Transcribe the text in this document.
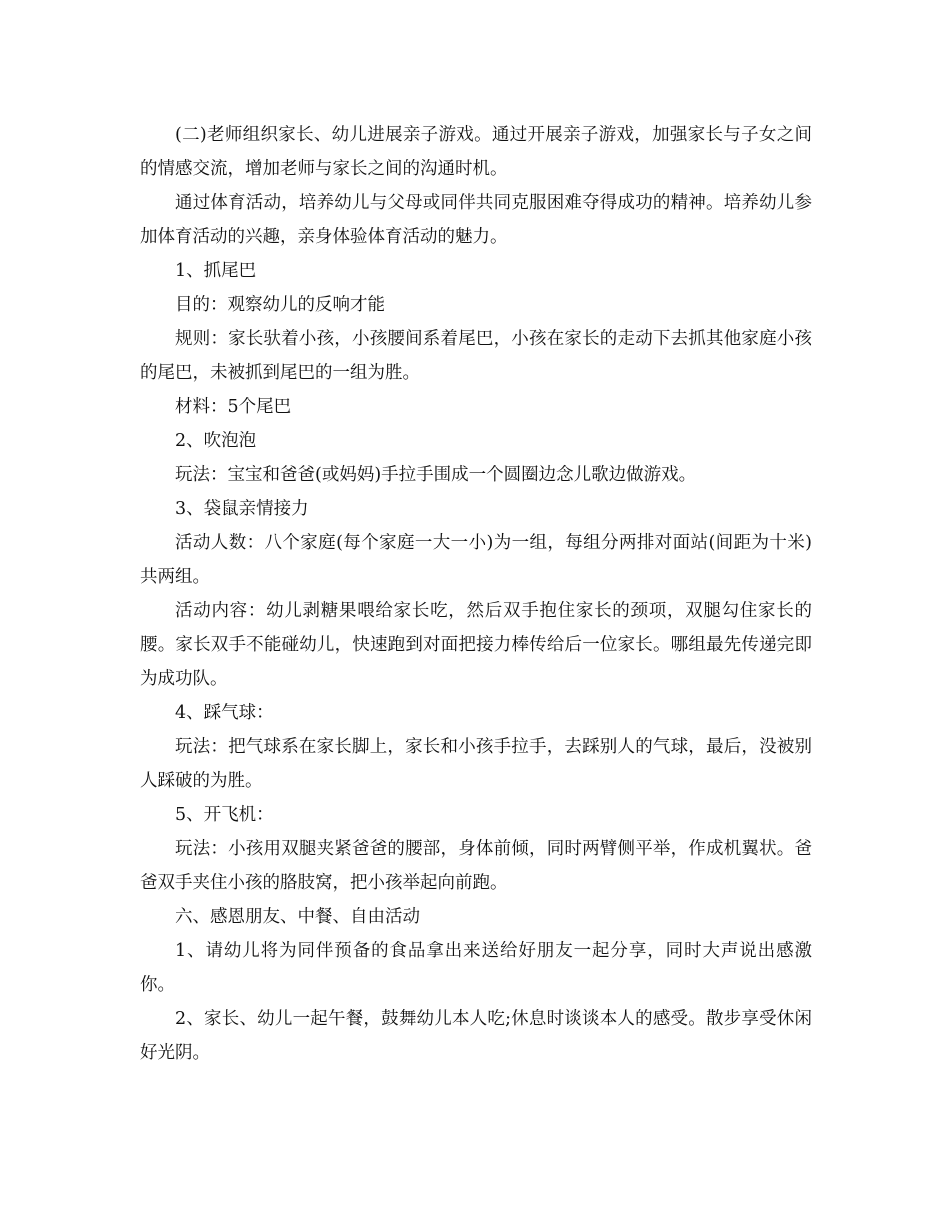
(二)老师组织家长、幼儿进展亲子游戏。通过开展亲子游戏，加强家长与子女之间的情感交流，增加老师与家长之间的沟通时机。

通过体育活动，培养幼儿与父母或同伴共同克服困难夺得成功的精神。培养幼儿参加体育活动的兴趣，亲身体验体育活动的魅力。

1、抓尾巴

目的：观察幼儿的反响才能

规则：家长驮着小孩，小孩腰间系着尾巴，小孩在家长的走动下去抓其他家庭小孩的尾巴，未被抓到尾巴的一组为胜。

材料：5个尾巴

2、吹泡泡

玩法：宝宝和爸爸(或妈妈)手拉手围成一个圆圈边念儿歌边做游戏。

3、袋鼠亲情接力

活动人数：八个家庭(每个家庭一大一小)为一组，每组分两排对面站(间距为十米)共两组。

活动内容：幼儿剥糖果喂给家长吃，然后双手抱住家长的颈项，双腿勾住家长的腰。家长双手不能碰幼儿，快速跑到对面把接力棒传给后一位家长。哪组最先传递完即为成功队。

4、踩气球：

玩法：把气球系在家长脚上，家长和小孩手拉手，去踩别人的气球，最后，没被别人踩破的为胜。

5、开飞机：

玩法：小孩用双腿夹紧爸爸的腰部，身体前倾，同时两臂侧平举，作成机翼状。爸爸双手夹住小孩的胳肢窝，把小孩举起向前跑。

六、感恩朋友、中餐、自由活动

1、请幼儿将为同伴预备的食品拿出来送给好朋友一起分享，同时大声说出感激你。

2、家长、幼儿一起午餐，鼓舞幼儿本人吃;休息时谈谈本人的感受。散步享受休闲好光阴。
